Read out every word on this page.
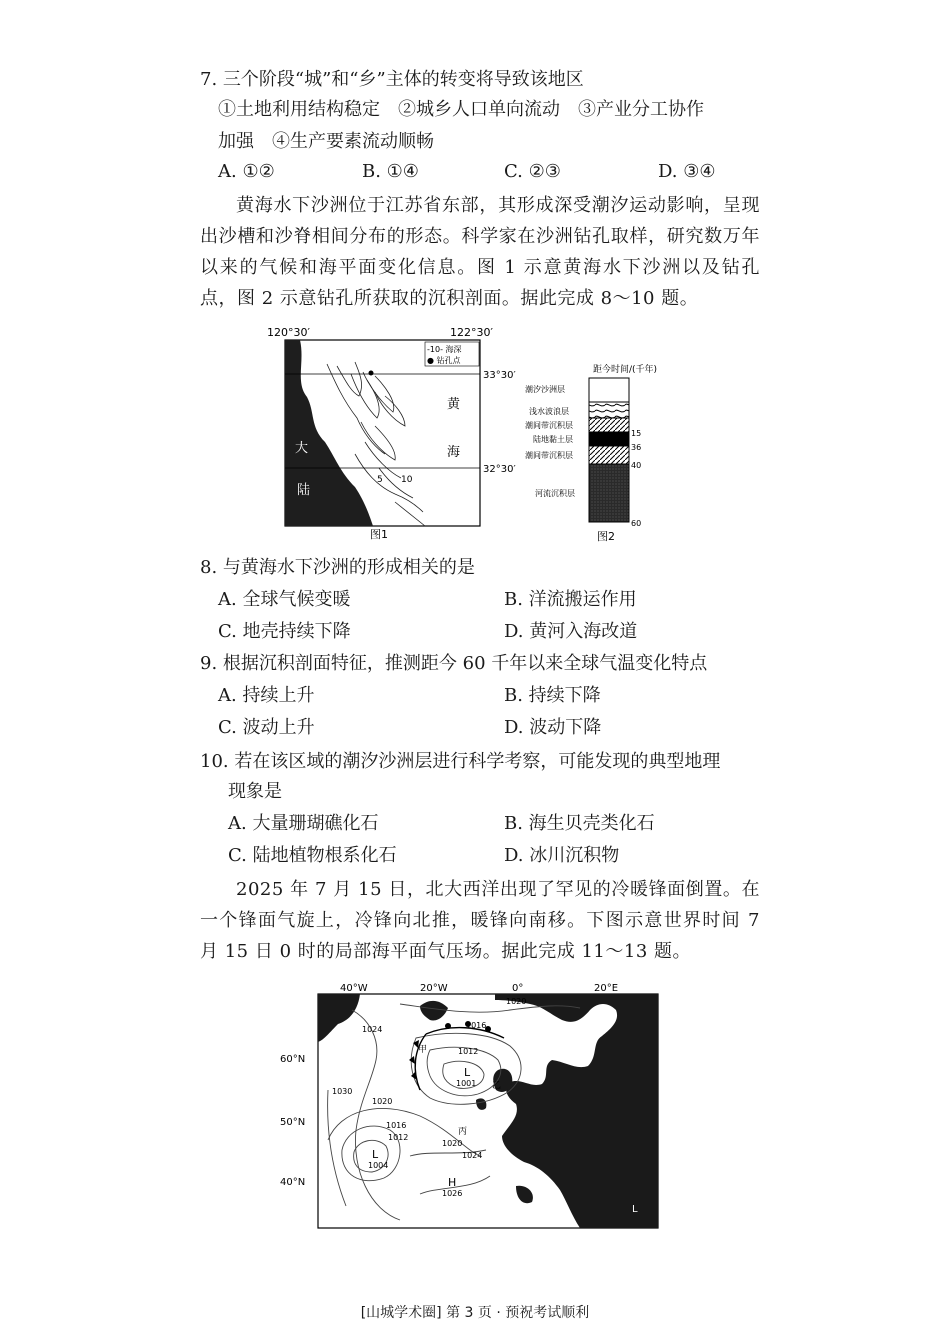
7. 三个阶段“城”和“乡”主体的转变将导致该地区
①土地利用结构稳定　②城乡人口单向流动　③产业分工协作
加强　④生产要素流动顺畅
A. ①②	B. ①④	C. ②③	D. ③④
黄海水下沙洲位于江苏省东部，其形成深受潮汐运动影响，呈现出沙槽和沙脊相间分布的形态。科学家在沙洲钻孔取样，研究数万年以来的气候和海平面变化信息。图 1 示意黄海水下沙洲以及钻孔点，图 2 示意钻孔所获取的沉积剖面。据此完成 8～10 题。
120°30′	122°30′
-10- 海深
● 钻孔点
33°30′
32°30′
大
陆
黄
海
5 10
图1
距今时间/(千年)
潮汐沙洲层
浅水波浪层
潮间带沉积层
陆地黏土层
潮间带沉积层
河流沉积层
15
36
40
60
图2
8. 与黄海水下沙洲的形成相关的是
A. 全球气候变暖	B. 洋流搬运作用
C. 地壳持续下降	D. 黄河入海改道
9. 根据沉积剖面特征，推测距今 60 千年以来全球气温变化特点
A. 持续上升	B. 持续下降
C. 波动上升	D. 波动下降
10. 若在该区域的潮汐沙洲层进行科学考察，可能发现的典型地理
现象是
A. 大量珊瑚礁化石	B. 海生贝壳类化石
C. 陆地植物根系化石	D. 冰川沉积物
2025 年 7 月 15 日，北大西洋出现了罕见的冷暖锋面倒置。在一个锋面气旋上，冷锋向北推，暖锋向南移。下图示意世界时间 7 月 15 日 0 时的局部海平面气压场。据此完成 11～13 题。
40°W	20°W	0°	20°E
60°N
50°N
40°N
1020
1024	1016
1012
1030
1020
1016
1012
1020
1024
L
1001
L
1004
H
1026
L
甲
乙
丙
[山城学术圈] 第 3 页 · 预祝考试顺利
